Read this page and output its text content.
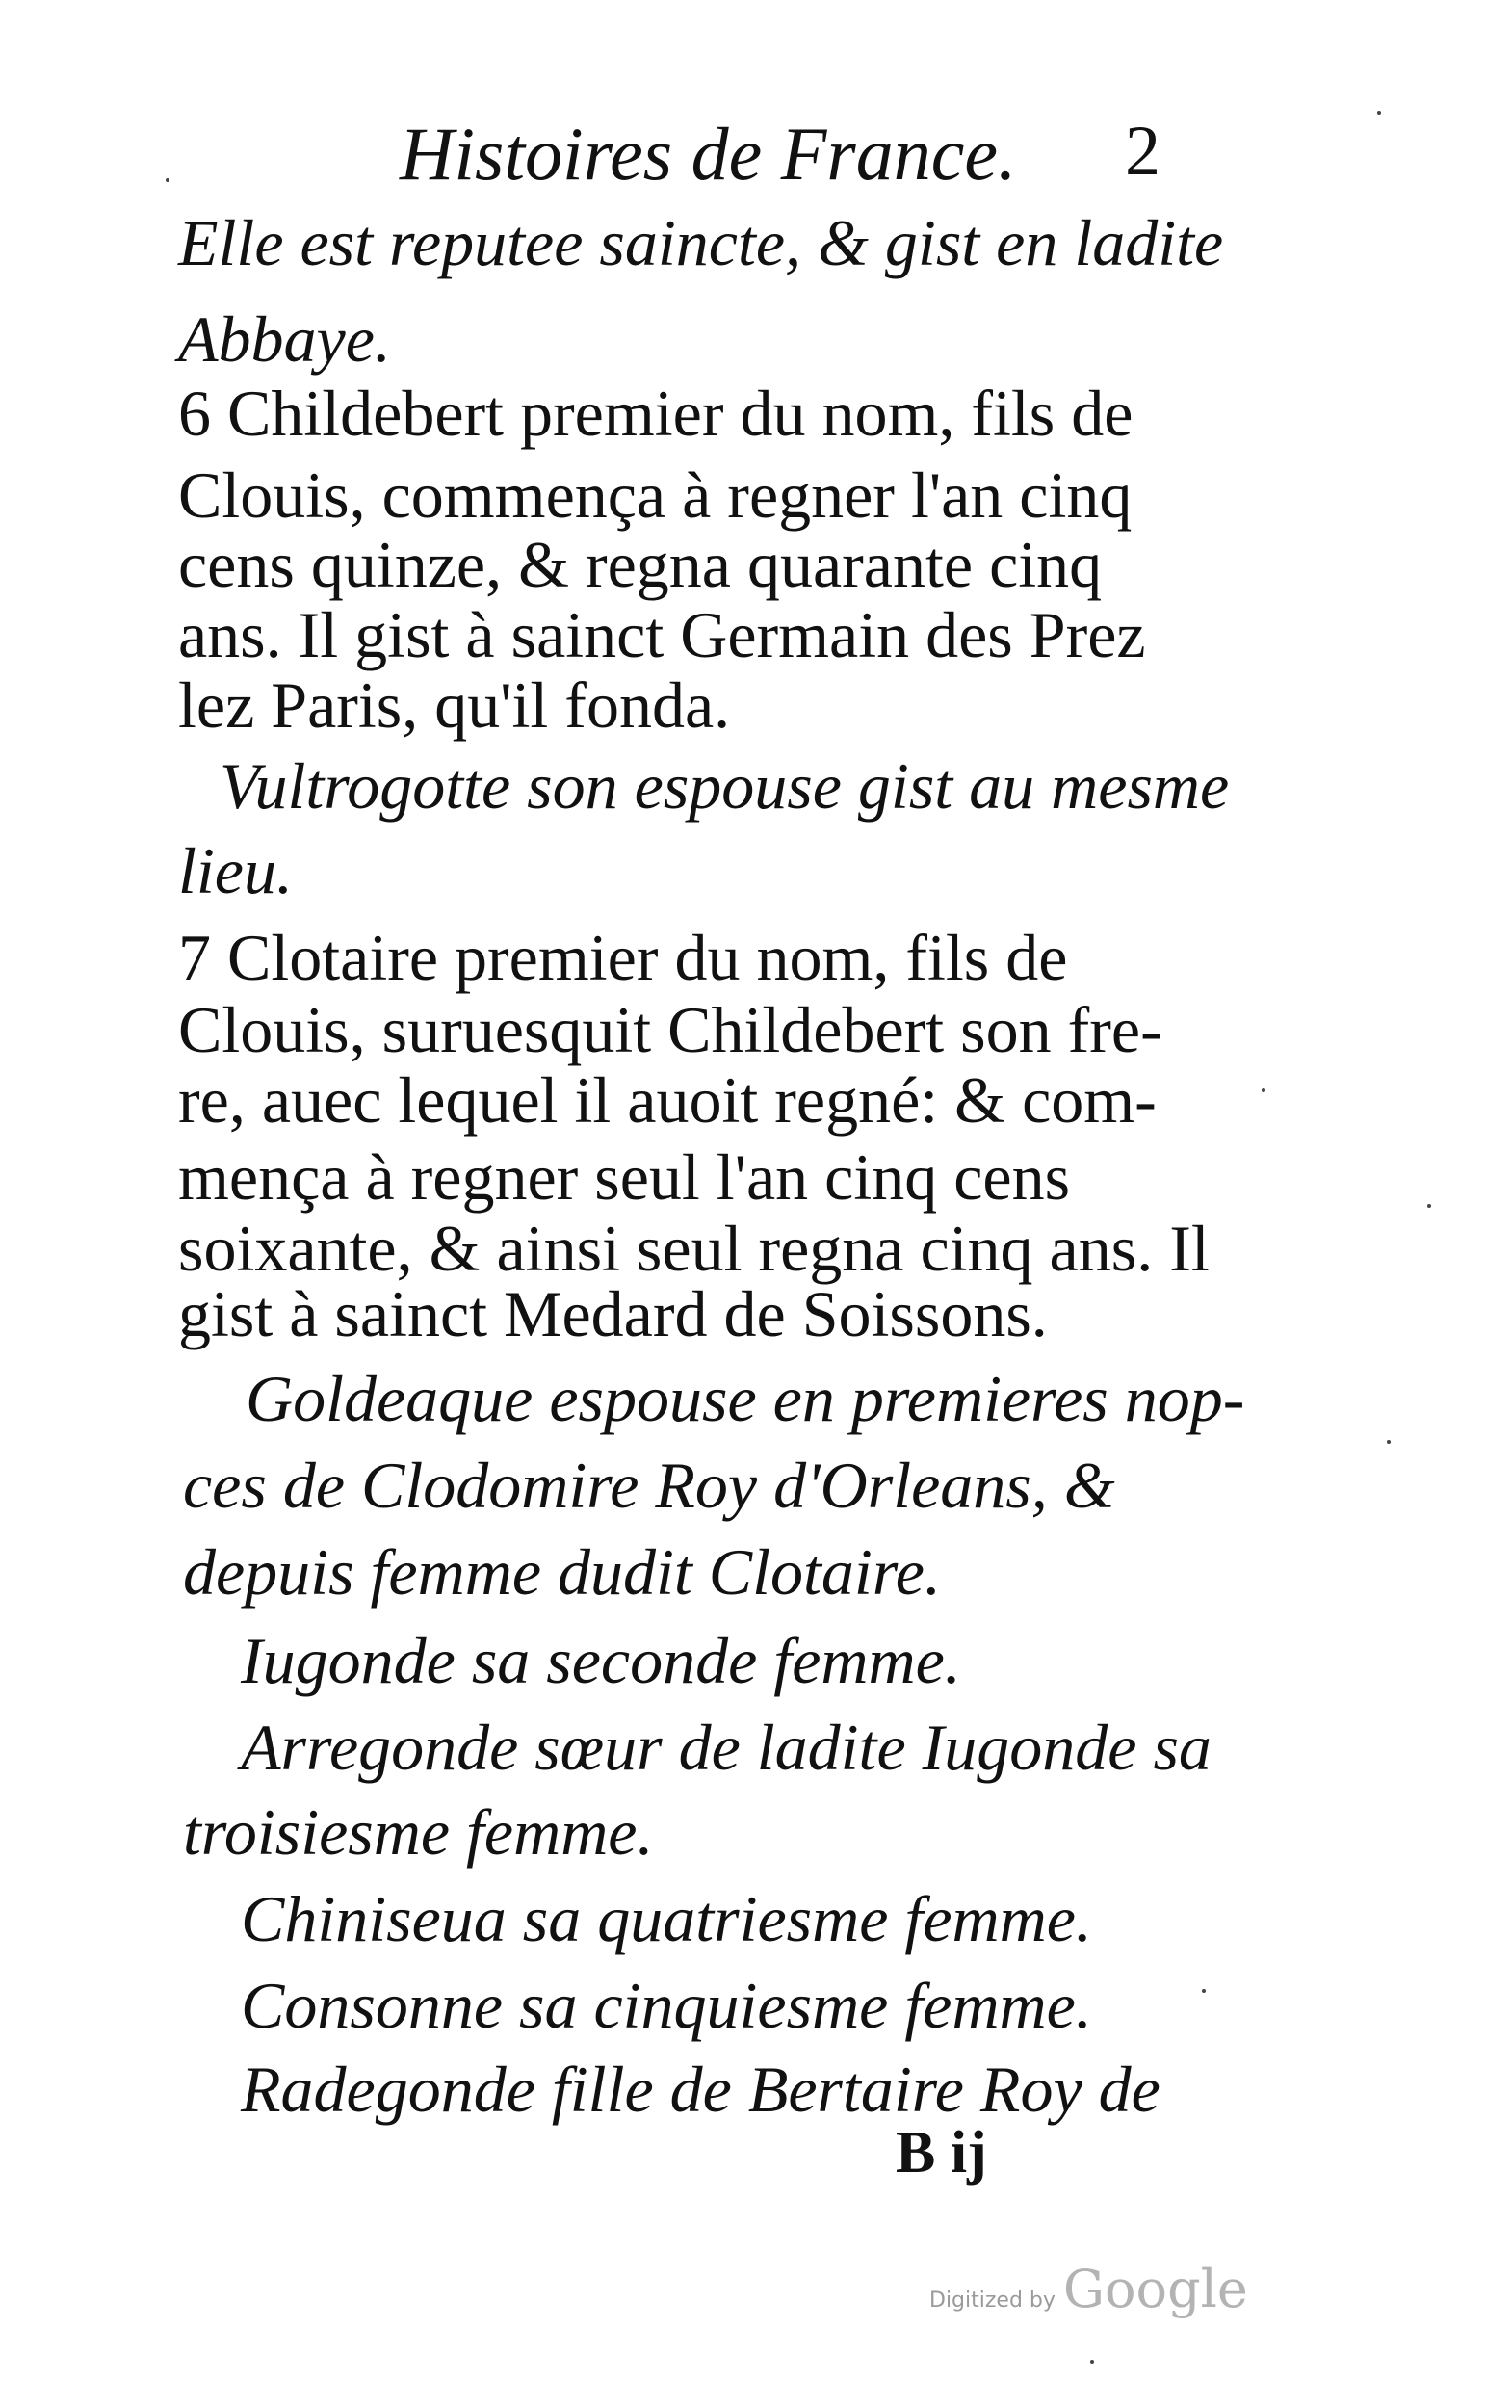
Histoires de France. 2
Elle est reputee saincte, & gist en ladite
Abbaye.
6 Childebert premier du nom, fils de
Clouis, commença à regner l'an cinq
cens quinze, & regna quarante cinq
ans. Il gist à sainct Germain des Prez
lez Paris, qu'il fonda.
Vultrogotte son espouse gist au mesme
lieu.
7 Clotaire premier du nom, fils de
Clouis, suruesquit Childebert son fre-
re, auec lequel il auoit regné: & com-
mença à regner seul l'an cinq cens
soixante, & ainsi seul regna cinq ans. Il
gist à sainct Medard de Soissons.
Goldeaque espouse en premieres nop-
ces de Clodomire Roy d'Orleans, &
depuis femme dudit Clotaire.
Iugonde sa seconde femme.
Arregonde sœur de ladite Iugonde sa
troisiesme femme.
Chiniseua sa quatriesme femme.
Consonne sa cinquiesme femme.
Radegonde fille de Bertaire Roy de
B ij
Digitized by Google
